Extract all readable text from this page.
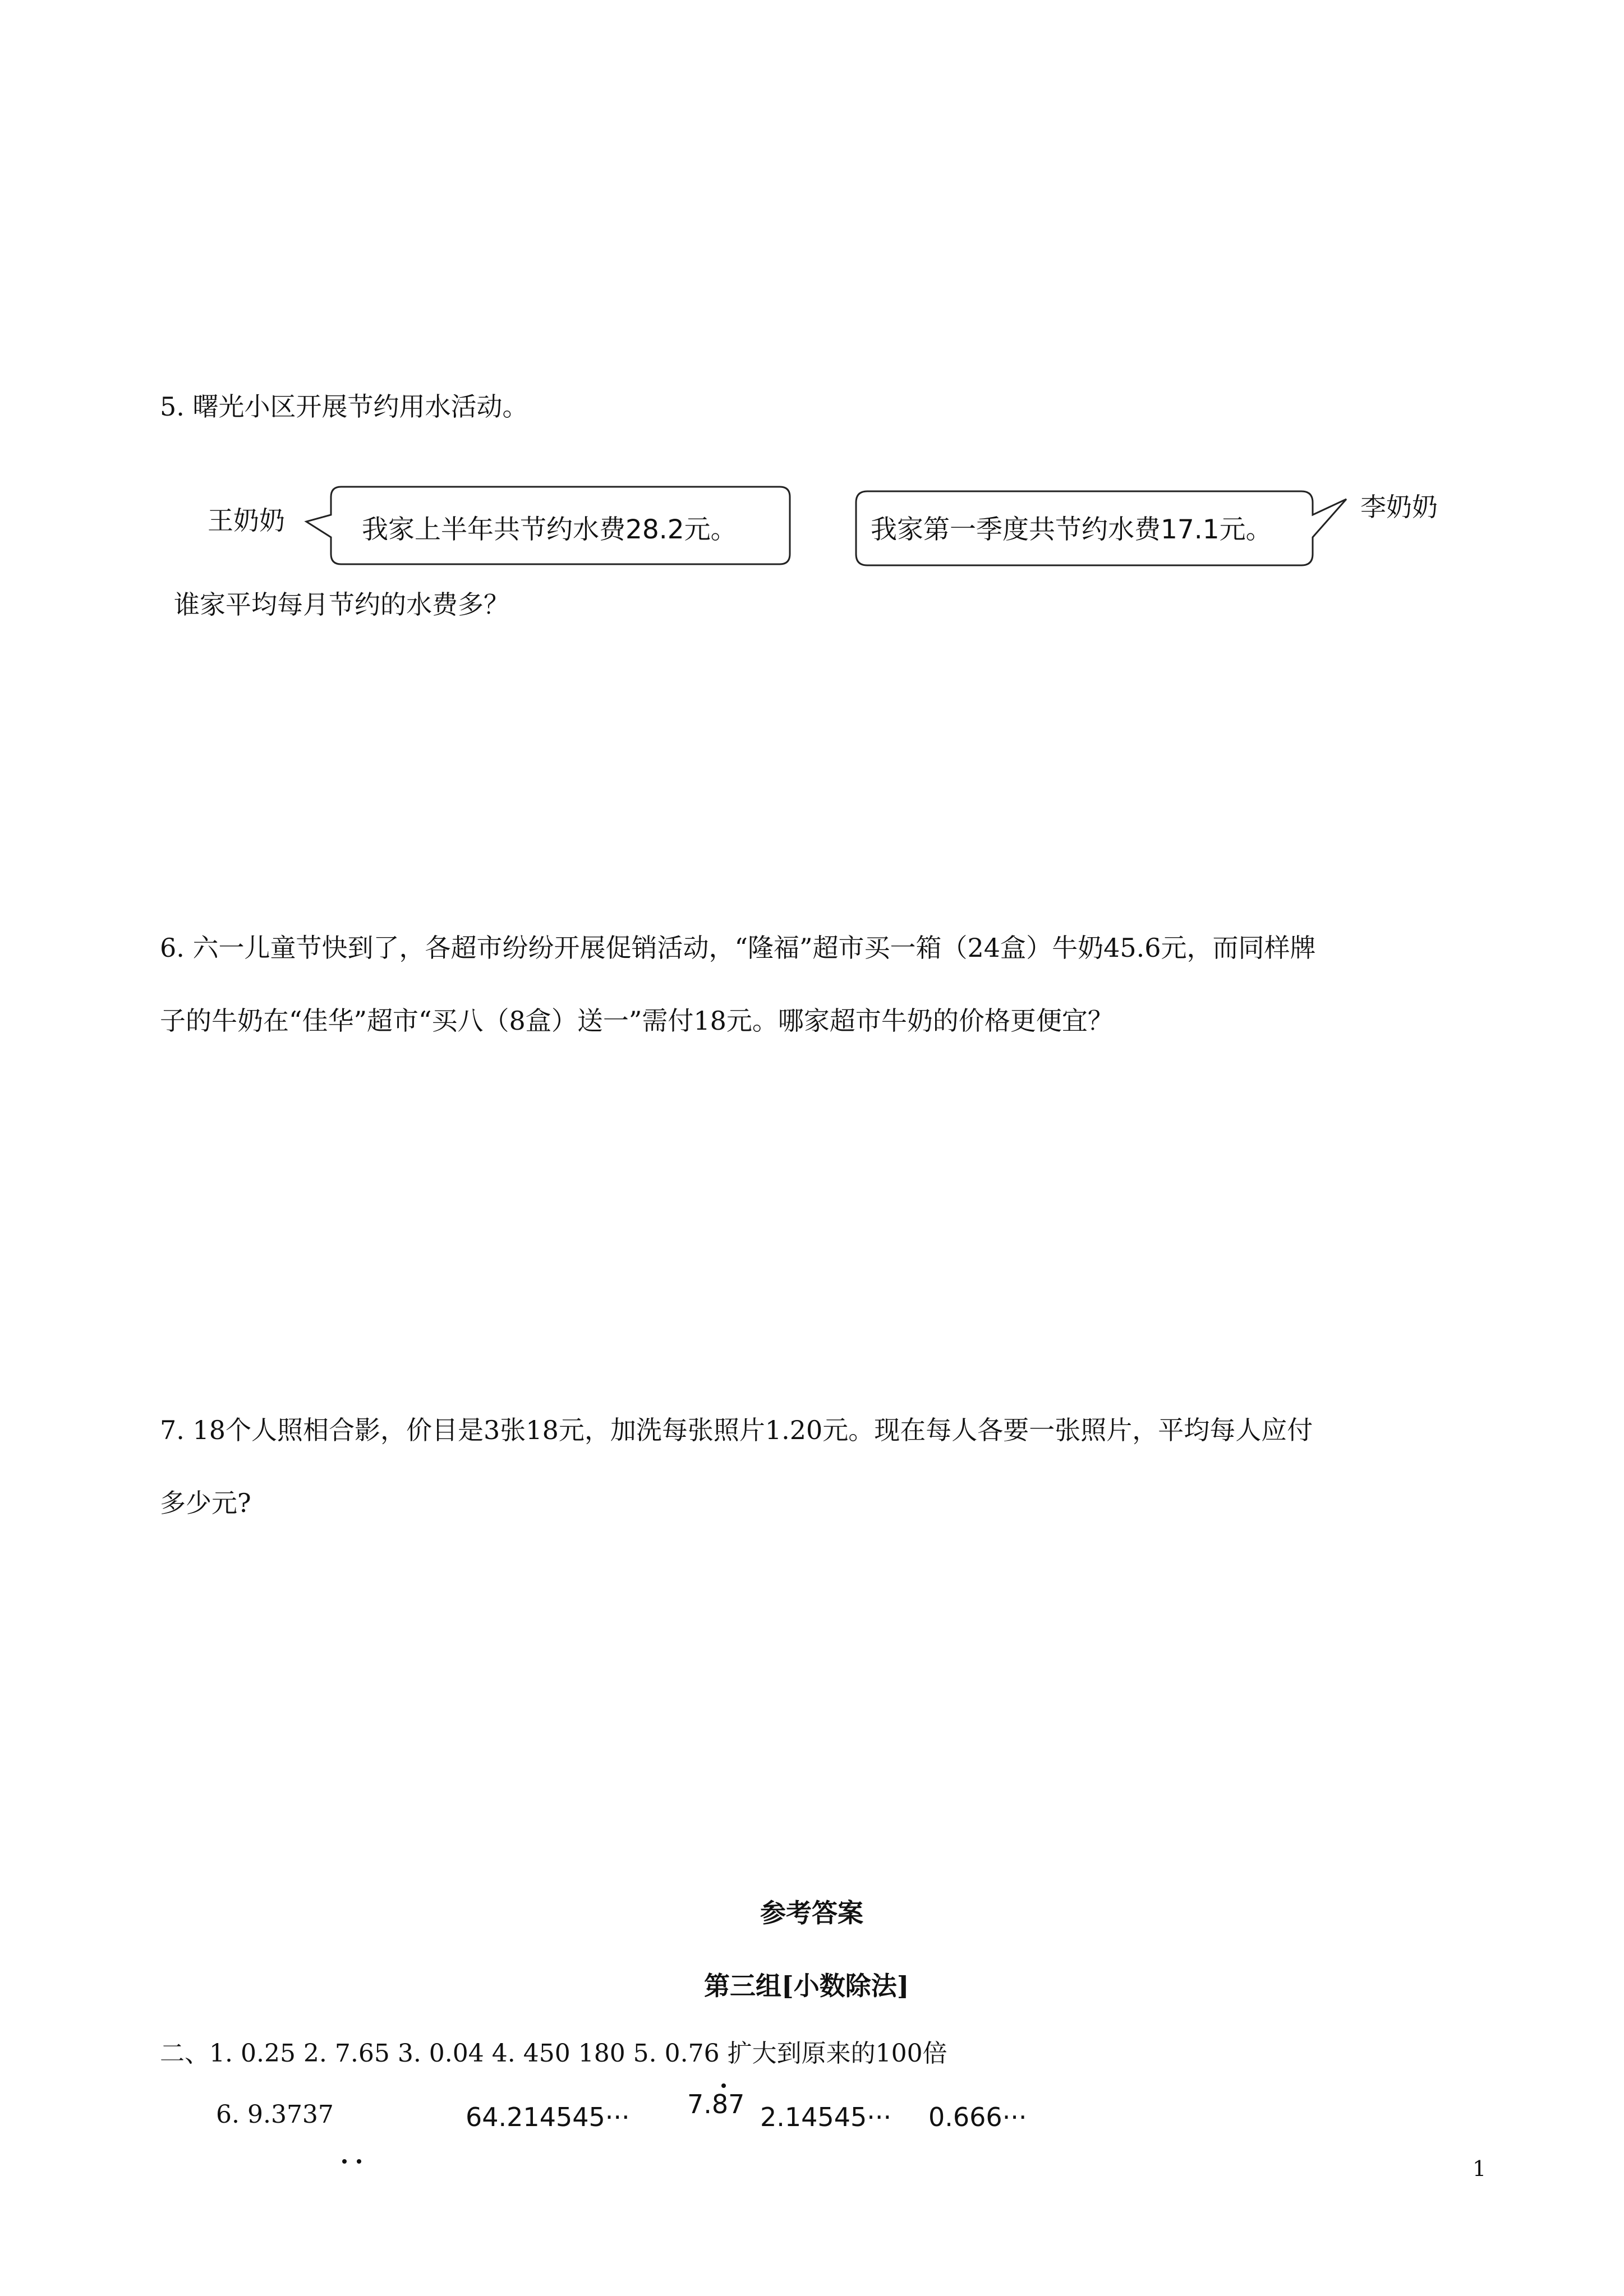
5. 曙光小区开展节约用水活动。
王奶奶	我家上半年共节约水费28.2元。	我家第一季度共节约水费17.1元。
李奶奶
谁家平均每月节约的水费多？
6. 六一儿童节快到了，各超市纷纷开展促销活动，“隆福”超市买一箱（24盒）牛奶45.6元，而同样牌
子的牛奶在“佳华”超市“买八（8盒）送一”需付18元。哪家超市牛奶的价格更便宜？
7. 18个人照相合影，价目是3张18元，加洗每张照片1.20元。现在每人各要一张照片，平均每人应付
多少元?
参考答案
第三组[小数除法]
二、1. 0.25 2. 7.65 3. 0.04 4. 450 180 5. 0.76 扩大到原来的100倍
6. 9.3737	64.214545··· 7.87 2.14545··· 0.666···
1
